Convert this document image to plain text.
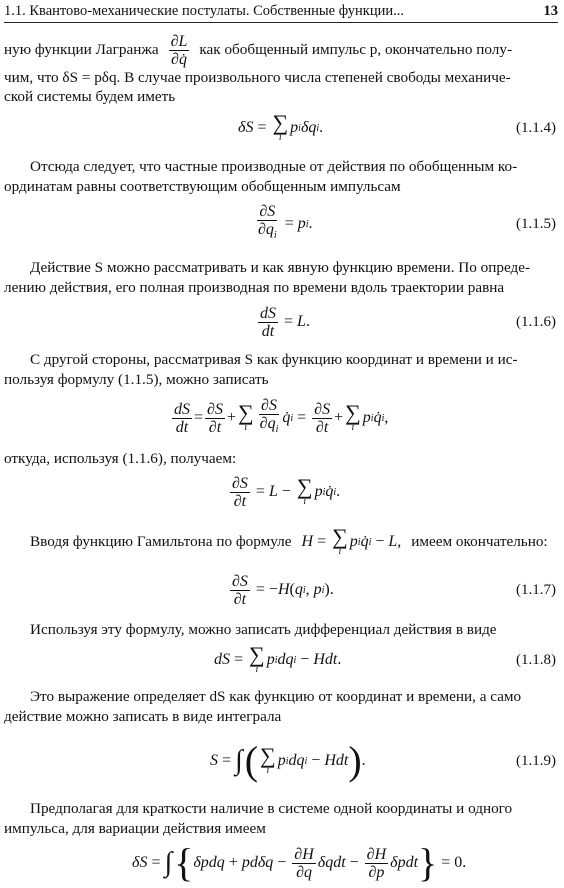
1.1. Квантово-механические постулаты. Собственные функции...	13
ную функции Лагранжа $\frac{\partial L}{\partial q̇}$ как обобщенный импульс p, окончательно полу-

чим, что δS = pδq. В случае произвольного числа степеней свободы механиче-

ской системы будем иметь

δS = ∑
i
p i δq i .	(1.1.4)

Отсюда следует, что частные производные от действия по обобщенным ко-

ординатам равны соответствующим обобщенным импульсам

$\frac{\partial S}{\partial q_i} = p$ i .	(1.1.5)

Действие S можно рассматривать и как явную функцию времени. По опреде-

лению действия, его полная производная по времени вдоль траектории равна

$\frac{dS}{dt} = L$ .	(1.1.6)

С другой стороны, рассматривая S как функцию координат и времени и ис-

пользуя формулу (1.1.5), можно записать

$\frac{dS}{dt} = \frac{\partial S}{\partial t}$ + ∑
i $\frac{\partial S}{\partial q_i}$ q̇ $i = \frac{\partial S}{\partial t}$ + ∑
i
p i q̇ i ,

откуда, используя (1.1.6), получаем:

$\frac{\partial S}{\partial t} = L$ − ∑
i
p i q̇ i .
Вводя функцию Гамильтона по формуле H = ∑
i
p i q̇ i − L , имеем окончательно:
$\frac{\partial S}{\partial t}$ = − H ( q i , p i ).	(1.1.7)

Используя эту формулу, можно записать дифференциал действия в виде

dS = ∑
i
p i dq i − Hdt .	(1.1.8)

Это выражение определяет dS как функцию от координат и времени, а само

действие можно записать в виде интеграла

S = ∫ ( ∑
i
p i dq i − Hdt ) .	(1.1.9)

Предполагая для краткости наличие в системе одной координаты и одного

импульса, для вариации действия имеем

δS = ∫ { $\delta pdq + pd\delta q - \frac{\partial H}{\partial q}$ $\delta qdt - \frac{\partial H}{\partial p}$ δpdt } = 0.
